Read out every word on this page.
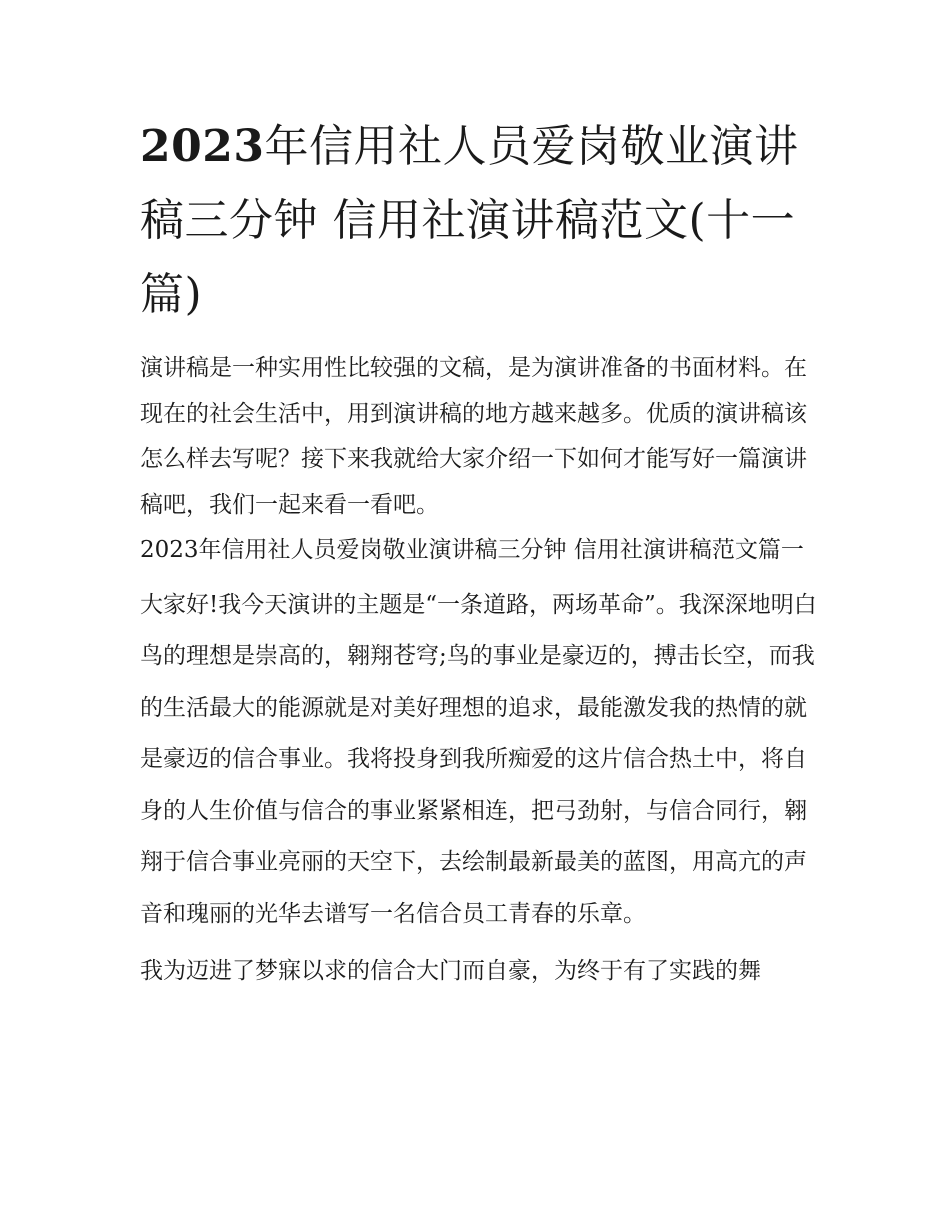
2023年信用社人员爱岗敬业演讲稿三分钟 信用社演讲稿范文(十一篇)

演讲稿是一种实用性比较强的文稿，是为演讲准备的书面材料。在现在的社会生活中，用到演讲稿的地方越来越多。优质的演讲稿该怎么样去写呢？接下来我就给大家介绍一下如何才能写好一篇演讲稿吧，我们一起来看一看吧。

2023年信用社人员爱岗敬业演讲稿三分钟 信用社演讲稿范文篇一

大家好!我今天演讲的主题是“一条道路，两场革命”。我深深地明白鸟的理想是崇高的，翱翔苍穹;鸟的事业是豪迈的，搏击长空，而我的生活最大的能源就是对美好理想的追求，最能激发我的热情的就是豪迈的信合事业。我将投身到我所痴爱的这片信合热土中，将自身的人生价值与信合的事业紧紧相连，把弓劲射，与信合同行，翱翔于信合事业亮丽的天空下，去绘制最新最美的蓝图，用高亢的声音和瑰丽的光华去谱写一名信合员工青春的乐章。

我为迈进了梦寐以求的信合大门而自豪，为终于有了实践的舞
